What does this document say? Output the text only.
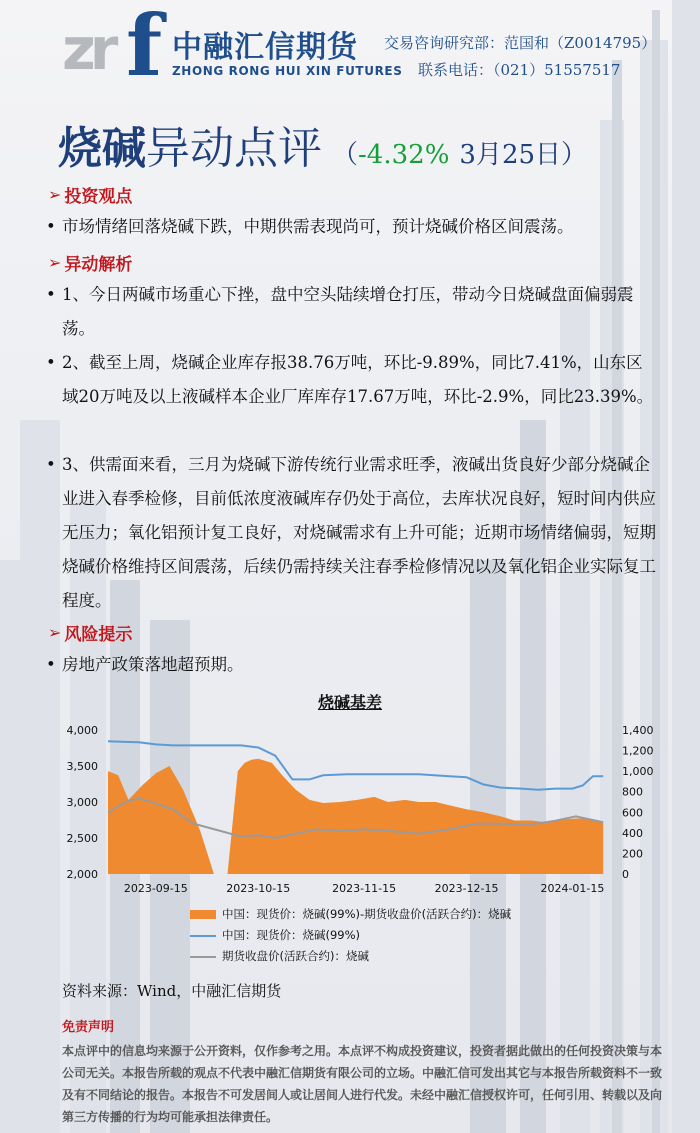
zr f 中融汇信期货
ZHONG RONG HUI XIN FUTURES
交易咨询研究部：范国和（Z0014795）
联系电话：（021）51557517
烧碱 异动点评 （ -4.32% 3月25日）
➢ 投资观点
• 市场情绪回落烧碱下跌，中期供需表现尚可，预计烧碱价格区间震荡。
➢ 异动解析
• 1、今日两碱市场重心下挫，盘中空头陆续增仓打压，带动今日烧碱盘面偏弱震荡。
• 2、截至上周，烧碱企业库存报38.76万吨，环比-9.89%，同比7.41%，山东区域20万吨及以上液碱样本企业厂库库存17.67万吨，环比-2.9%，同比23.39%。
• 3、供需面来看，三月为烧碱下游传统行业需求旺季，液碱出货良好少部分烧碱企业进入春季检修，目前低浓度液碱库存仍处于高位，去库状况良好，短时间内供应无压力；氧化铝预计复工良好，对烧碱需求有上升可能；近期市场情绪偏弱，短期烧碱价格维持区间震荡，后续仍需持续关注春季检修情况以及氧化铝企业实际复工程度。
➢ 风险提示
• 房地产政策落地超预期。
烧碱基差
4,000
3,500
3,000
2,500
2,000
1,400
1,200
1,000
800
600
400
200
0
2023-09-15	2023-10-15	2023-11-15	2023-12-15	2024-01-15
中国：现货价：烧碱(99%)-期货收盘价(活跃合约)：烧碱
中国：现货价：烧碱(99%)
期货收盘价(活跃合约)：烧碱
资料来源：Wind，中融汇信期货
免责声明
本点评中的信息均来源于公开资料，仅作参考之用。本点评不构成投资建议，投资者据此做出的任何投资决策与本公司无关。本报告所载的观点不代表中融汇信期货有限公司的立场。中融汇信可发出其它与本报告所载资料不一致及有不同结论的报告。本报告不可发居间人或让居间人进行代发。未经中融汇信授权许可，任何引用、转载以及向第三方传播的行为均可能承担法律责任。
